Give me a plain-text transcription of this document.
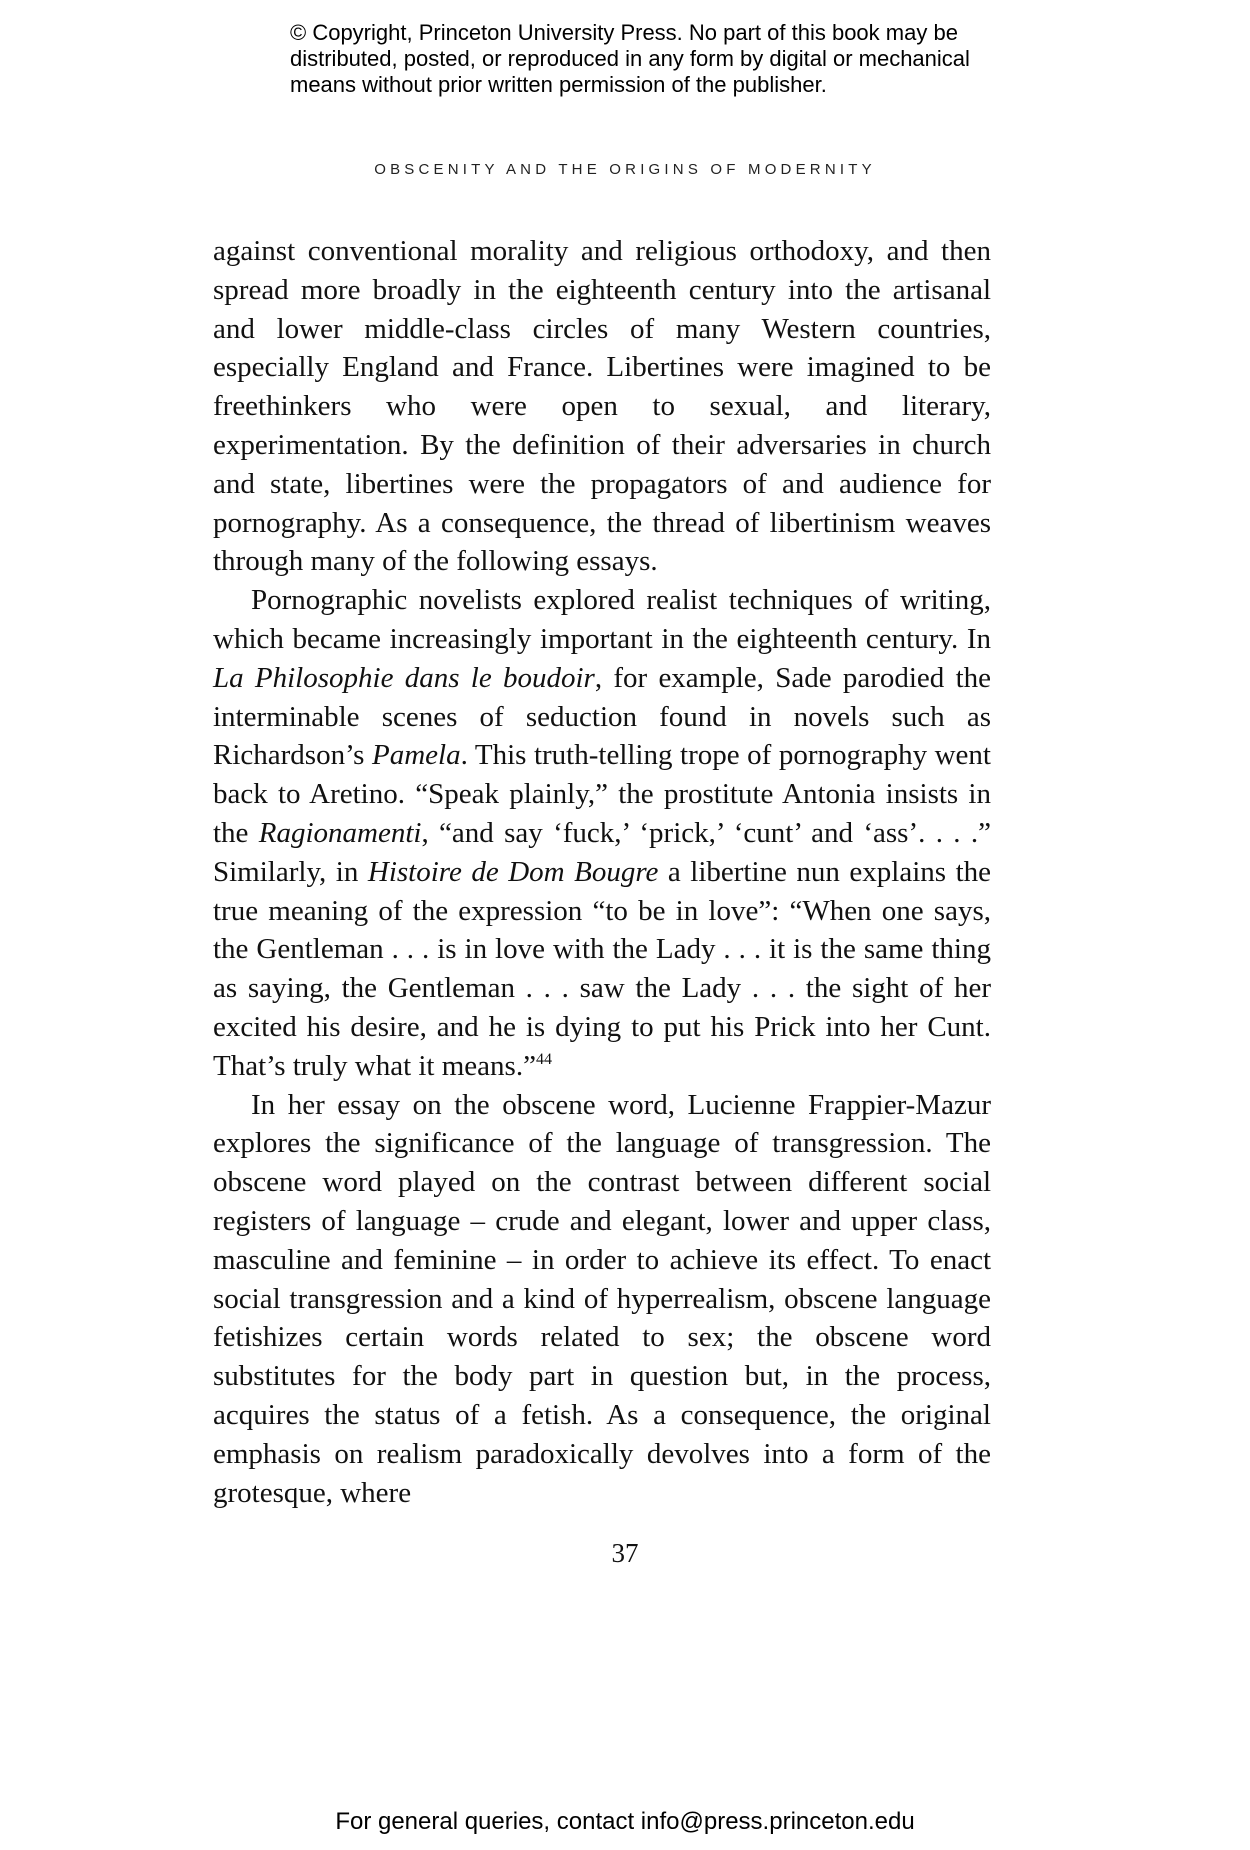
© Copyright, Princeton University Press. No part of this book may be
distributed, posted, or reproduced in any form by digital or mechanical
means without prior written permission of the publisher.
OBSCENITY AND THE ORIGINS OF MODERNITY

against conventional morality and religious orthodoxy, and then spread more broadly in the eighteenth century into the artisanal and lower middle-class circles of many Western countries, especially England and France. Libertines were imagined to be freethinkers who were open to sexual, and literary, experimentation. By the definition of their adversaries in church and state, libertines were the propagators of and audience for pornography. As a consequence, the thread of libertinism weaves through many of the following essays.

Pornographic novelists explored realist techniques of writing, which became increasingly important in the eighteenth century. In La Philosophie dans le boudoir, for example, Sade parodied the interminable scenes of seduction found in novels such as Richardson’s Pamela. This truth-telling trope of pornography went back to Aretino. “Speak plainly,” the prostitute Antonia insists in the Ragionamenti, “and say ‘fuck,’ ‘prick,’ ‘cunt’ and ‘ass’. . . .” Similarly, in Histoire de Dom Bougre a libertine nun explains the true meaning of the expression “to be in love”: “When one says, the Gentleman . . . is in love with the Lady . . . it is the same thing as saying, the Gentleman . . . saw the Lady . . . the sight of her excited his desire, and he is dying to put his Prick into her Cunt. That’s truly what it means.”$^{44}$

In her essay on the obscene word, Lucienne Frappier-Mazur explores the significance of the language of transgression. The obscene word played on the contrast between different social registers of language – crude and elegant, lower and upper class, masculine and feminine – in order to achieve its effect. To enact social transgression and a kind of hyperrealism, obscene language fetishizes certain words related to sex; the obscene word substitutes for the body part in question but, in the process, acquires the status of a fetish. As a consequence, the original emphasis on realism paradoxically devolves into a form of the grotesque, where

37
For general queries, contact info@press.princeton.edu
